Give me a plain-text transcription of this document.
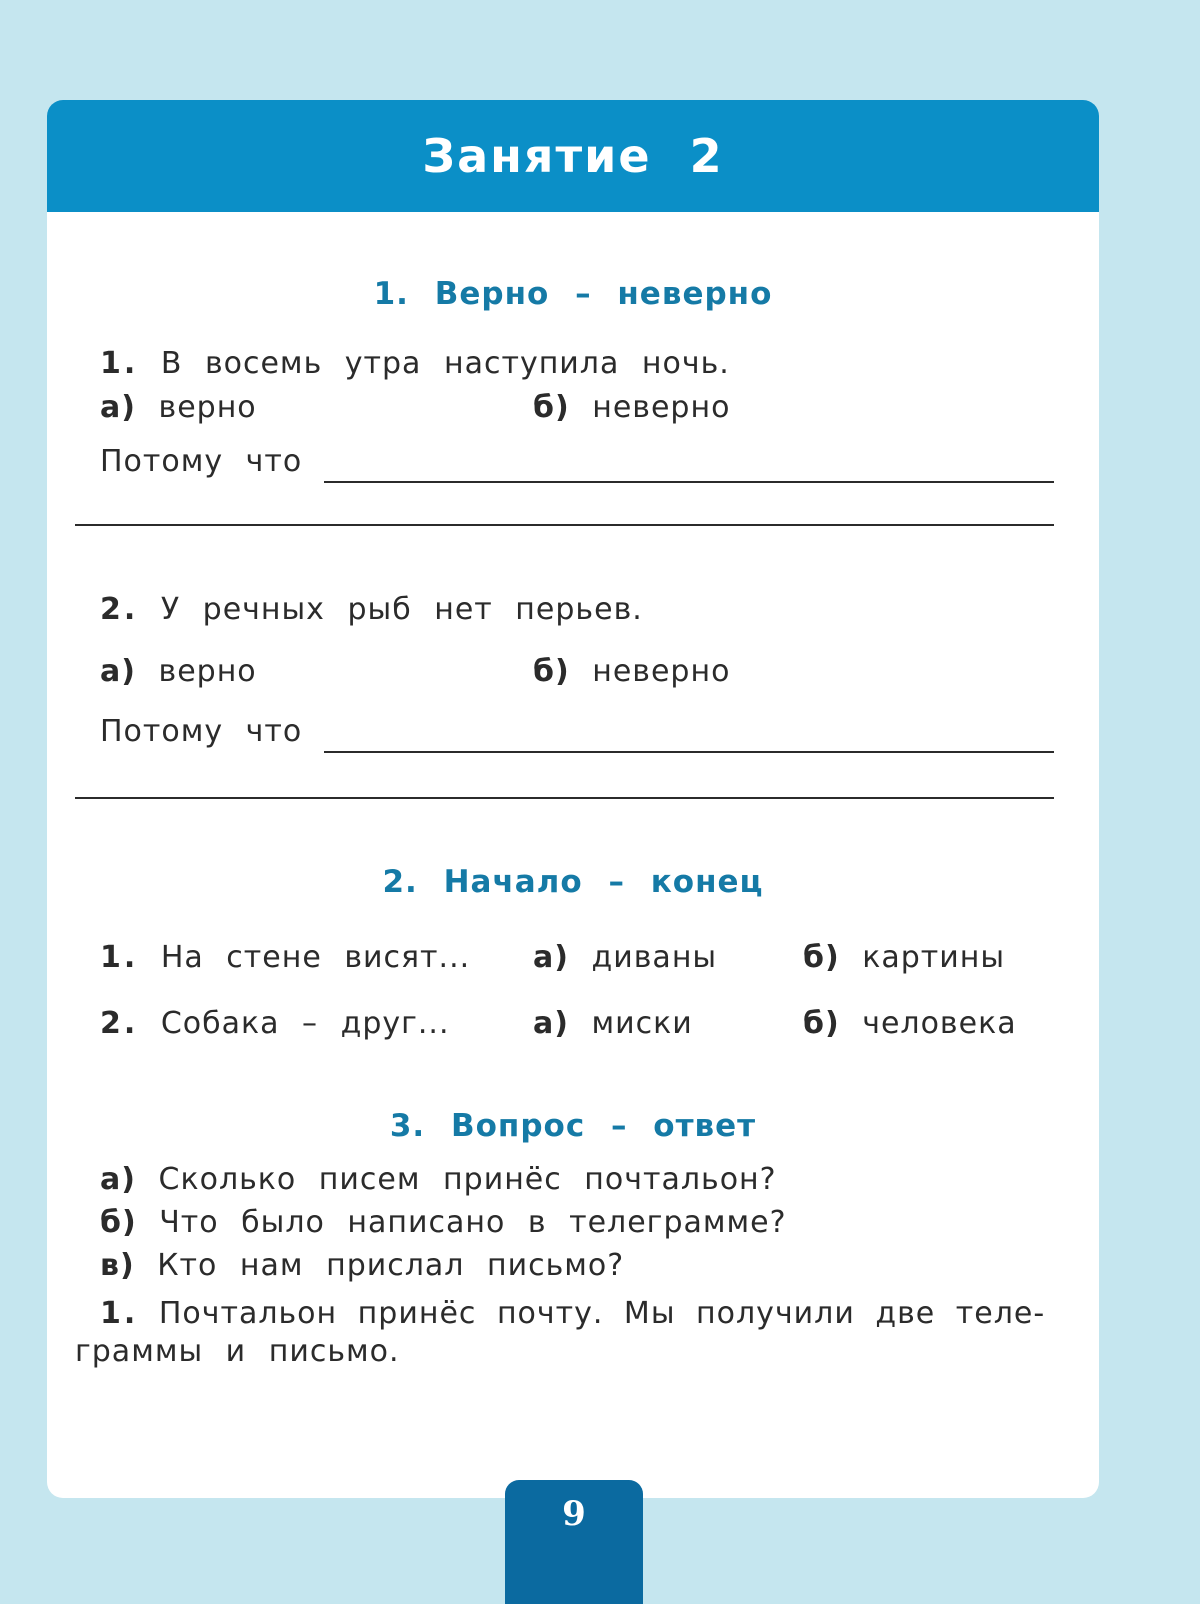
Занятие 2
1. Верно – неверно
1. В восемь утра наступила ночь.
а) верно	б) неверно
Потому что
2. У речных рыб нет перьев.
а) верно	б) неверно
Потому что
2. Начало – конец
1. На стене висят... а) диваны	б) картины
2. Собака – друг...	а) миски	б) человека
3. Вопрос – ответ
а) Сколько писем принёс почтальон?
б) Что было написано в телеграмме?
в) Кто нам прислал письмо?
1. Почтальон принёс почту. Мы получили две теле-
граммы и письмо.
9
